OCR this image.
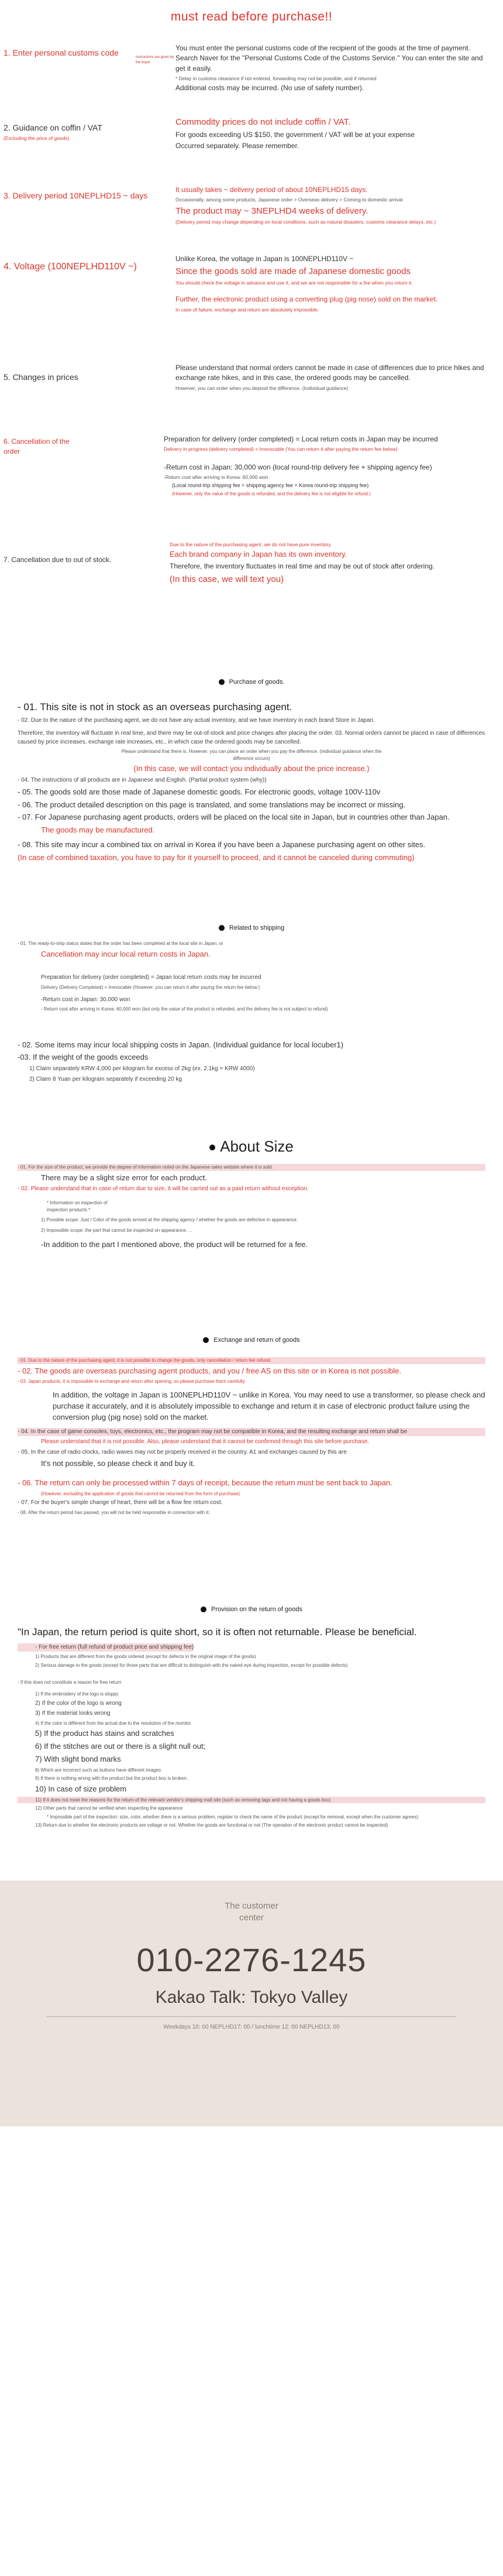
must read before purchase!!
1. Enter personal customs code	Instructions are given by the buyer

You must enter the personal customs code of the recipient of the goods at the time of payment. Search Naver for the "Personal Customs Code of the Customs Service." You can enter the site and get it easily.

* Delay in customs clearance if not entered, forwarding may not be possible, and if returned

Additional costs may be incurred. (No use of safety number).

2. Guidance on coffin / VAT
(Excluding the price of goods)

Commodity prices do not include coffin / VAT.

For goods exceeding US $150, the government / VAT will be at your expense

Occurred separately. Please remember.

3. Delivery period 10NEPLHD15 ~ days

It usually takes ~ delivery period of about 10NEPLHD15 days.

Occasionally, among some products, Japanese order > Overseas delivery > Coming to domestic arrival

The product may ~ 3NEPLHD4 weeks of delivery.

(Delivery period may change depending on local conditions, such as natural disasters, customs clearance delays, etc.)

4. Voltage (100NEPLHD110V ~)

Unlike Korea, the voltage in Japan is 100NEPLHD110V ~

Since the goods sold are made of Japanese domestic goods

You should check the voltage in advance and use it, and we are not responsible for a fee when you return it.

Further, the electronic product using a converting plug (pig nose) sold on the market.

In case of failure, exchange and return are absolutely impossible.

5. Changes in prices

Please understand that normal orders cannot be made in case of differences due to price hikes and exchange rate hikes, and in this case, the ordered goods may be cancelled.

However, you can order when you deposit the difference. (Individual guidance)

6. Cancellation of the order

Preparation for delivery (order completed) = Local return costs in Japan may be incurred

Delivery in progress (delivery completed) = Irrevocable (You can return it after paying the return fee below)

-Return cost in Japan: 30,000 won (local round-trip delivery fee + shipping agency fee)

-Return cost after arriving in Korea: 60,000 won

(Local round-trip shipping fee + shipping agency fee + Korea round-trip shipping fee)

(However, only the value of the goods is refunded, and the delivery fee is not eligible for refund.)

7. Cancellation due to out of stock.

Due to the nature of the purchasing agent, we do not have pure inventory.

Each brand company in Japan has its own inventory.

Therefore, the inventory fluctuates in real time and may be out of stock after ordering.

(In this case, we will text you)

Purchase of goods.
- 01. This site is not in stock as an overseas purchasing agent.
- 02. Due to the nature of the purchasing agent, we do not have any actual inventory, and we have inventory in each brand Store in Japan.
Therefore, the inventory will fluctuate in real time, and there may be out-of-stock and price changes after placing the order. 03. Normal orders cannot be placed in case of differences caused by price increases, exchange rate increases, etc., in which case the ordered goods may be cancelled.
Please understand that there is. However, you can place an order when you pay the difference. (Individual guidance when the difference occurs)
(In this case, we will contact you individually about the price increase.)
- 04. The instructions of all products are in Japanese and English. (Partial product system (why))
- 05. The goods sold are those made of Japanese domestic goods. For electronic goods, voltage 100V-110v
- 06. The product detailed description on this page is translated, and some translations may be incorrect or missing.
- 07. For Japanese purchasing agent products, orders will be placed on the local site in Japan, but in countries other than Japan.
The goods may be manufactured.
- 08. This site may incur a combined tax on arrival in Korea if you have been a Japanese purchasing agent on other sites.
(In case of combined taxation, you have to pay for it yourself to proceed, and it cannot be canceled during commuting)
Related to shipping
- 01. The ready-to-ship status states that the order has been completed at the local site in Japan, or
Cancellation may incur local return costs in Japan.
Preparation for delivery (order completed) = Japan local return costs may be incurred
Delivery (Delivery Completed) = Irrevocable (However, you can return it after paying the return fee below.)
-Return cost in Japan: 30,000 won
- Return cost after arriving in Korea: 60,000 won (but only the value of the product is refunded, and the delivery fee is not subject to refund)
- 02. Some items may incur local shipping costs in Japan. (Individual guidance for local locuber1)
-03. If the weight of the goods exceeds
1) Claim separately KRW 4,000 per kilogram for excess of 2kg (ex. 2.1kg = KRW 4000)
2) Claim 8 Yuan per kilogram separately if exceeding 20 kg
About Size
- 01. For the size of the product, we provide the degree of information noted on the Japanese sales website where it is sold.
There may be a slight size error for each product.
- 02. Please understand that in case of return due to size, it will be carried out as a paid return without exception.
* Information on inspection of inspection products *
1) Possible scope: Just / Color of the goods arrived at the shipping agency / whether the goods are defective in appearance.
2) Impossible scope: the part that cannot be inspected on appearance, ...
-In addition to the part I mentioned above, the product will be returned for a fee.
Exchange and return of goods
- 01. Due to the nature of the purchasing agent, it is not possible to change the goods, only cancellation / return fee refund.
- 02. The goods are overseas purchasing agent products, and you / free AS on this site or in Korea is not possible.
- 03. Japan products, it is impossible to exchange and return after opening, so please purchase them carefully.
In addition, the voltage in Japan is 100NEPLHD110V ~ unlike in Korea. You may need to use a transformer, so please check and purchase it accurately, and it is absolutely impossible to exchange and return it in case of electronic product failure using the conversion plug (pig nose) sold on the market.
- 04. In the case of game consoles, toys, electronics, etc., the program may not be compatible in Korea, and the resulting exchange and return shall be
Please understand that it is not possible. Also, please understand that it cannot be confirmed through this site before purchase.
- 05. In the case of radio clocks, radio waves may not be properly received in the country. A1 and exchanges caused by this are
It's not possible, so please check it and buy it.
- 06. The return can only be processed within 7 days of receipt, because the return must be sent back to Japan.
(However, excluding the application of goods that cannot be returned from the form of purchase)
- 07. For the buyer's simple change of heart, there will be a flow fee return cost.
- 08. After the return period has passed, you will not be held responsible in connection with it.
Provision on the return of goods
"In Japan, the return period is quite short, so it is often not returnable. Please be beneficial.
- For free return (full refund of product price and shipping fee)
1) Products that are different from the goods ordered (except for defects in the original image of the goods)
2) Serious damage to the goods (except for those parts that are difficult to distinguish with the naked eye during inspection, except for possible defects)
- If this does not constitute a reason for free return
1) If the embroidery of the logo is sloppy
2) If the color of the logo is wrong
3) If the material looks wrong
4) If the color is different from the actual due to the resolution of the monitor
5) If the product has stains and scratches
6) If the stitches are out or there is a slight null out;
7) With slight bond marks
8) Which are incorrect such as buttons have different images
9) If there is nothing wrong with the product but the product box is broken.
10) In case of size problem
11) If it does not meet the reasons for the return of the relevant vendor's shipping mall site (such as removing tags and not having a goods box)
12) Other parts that cannot be verified when inspecting the appearance
* Impossible part of the inspection: size, color, whether there is a serious problem, register to check the name of the product (except for removal, except when the customer agrees)
13) Return due to whether the electronic products are voltage or not. Whether the goods are functional or not (The operation of the electronic product cannot be inspected)
The customer center
010-2276-1245
Kakao Talk: Tokyo Valley
Weekdays 10: 00 NEPLHD17: 00 / lunchtime 12: 00 NEPLHD13: 00
